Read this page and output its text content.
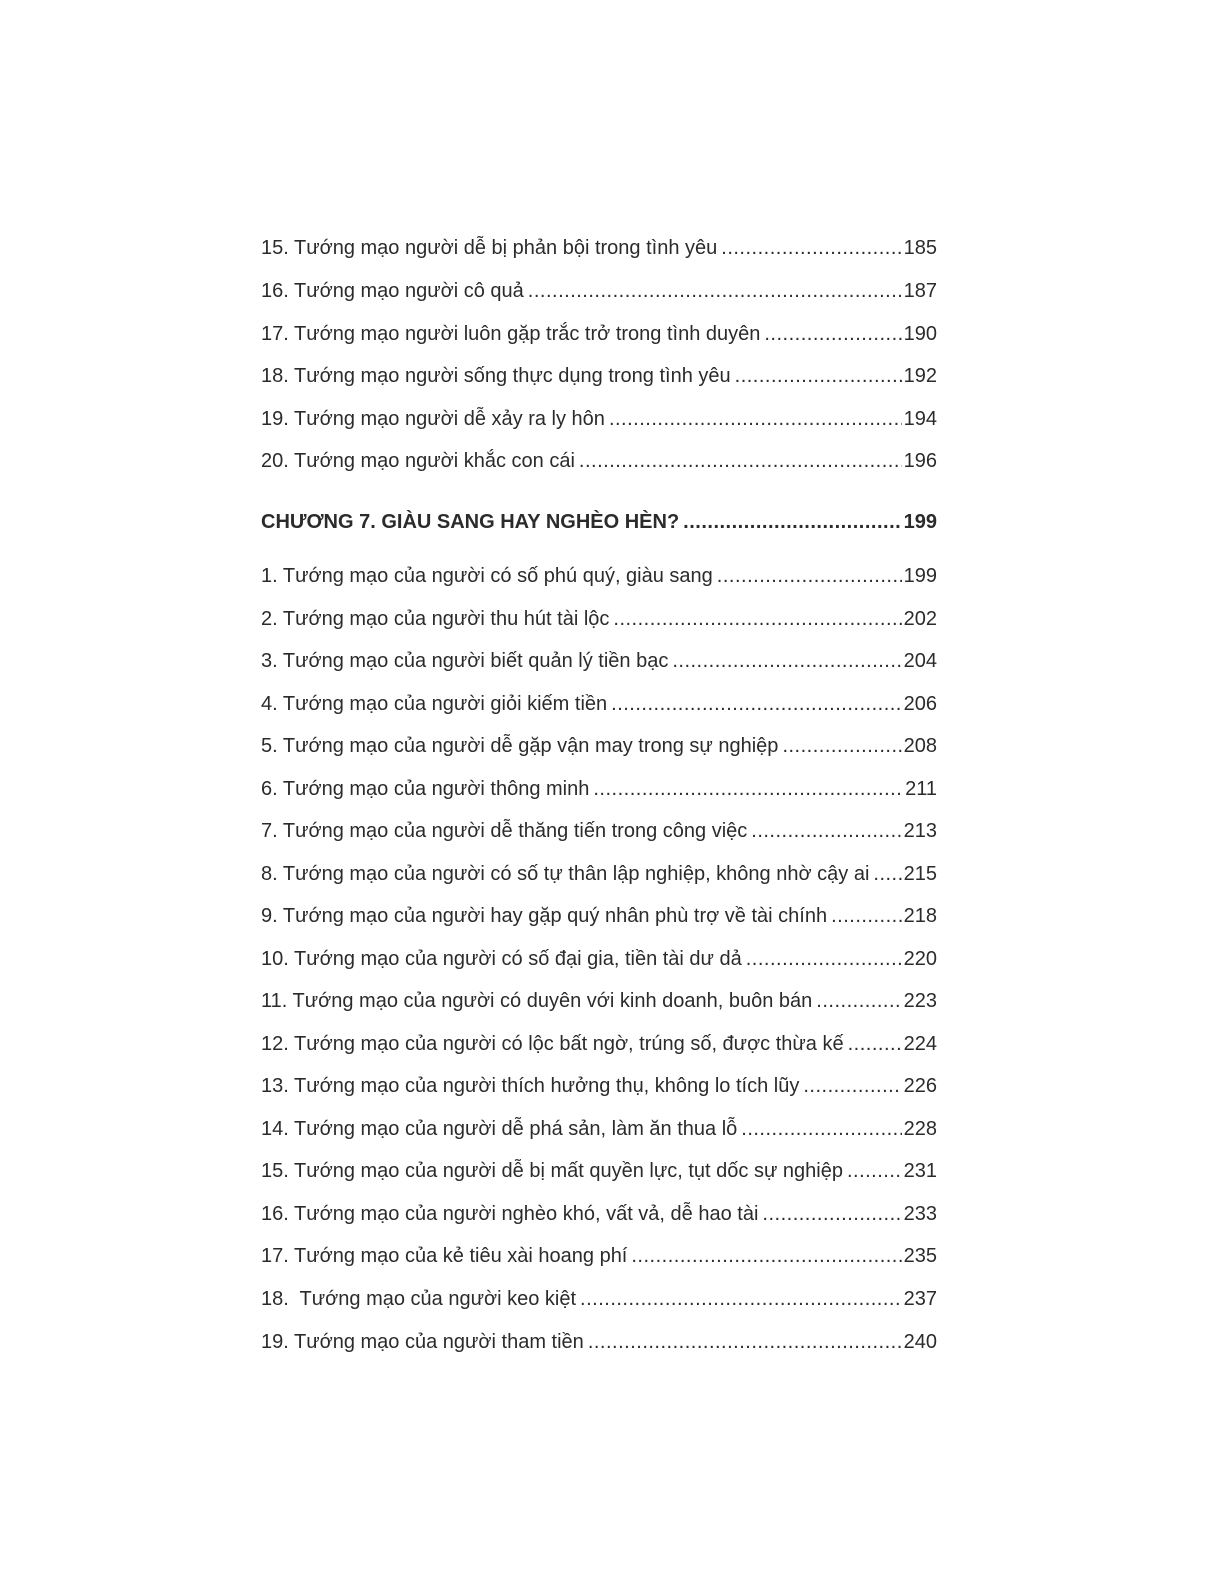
15. Tướng mạo người dễ bị phản bội trong tình yêu .....	185
16. Tướng mạo người cô quả .....	187
17. Tướng mạo người luôn gặp trắc trở trong tình duyên .....	190
18. Tướng mạo người sống thực dụng trong tình yêu .....	192
19. Tướng mạo người dễ xảy ra ly hôn .....	194
20. Tướng mạo người khắc con cái .....	196
CHƯƠNG 7. GIÀU SANG HAY NGHÈO HÈN? .....	199
1. Tướng mạo của người có số phú quý, giàu sang .....	199
2. Tướng mạo của người thu hút tài lộc .....	202
3. Tướng mạo của người biết quản lý tiền bạc .....	204
4. Tướng mạo của người giỏi kiếm tiền .....	206
5. Tướng mạo của người dễ gặp vận may trong sự nghiệp .....	208
6. Tướng mạo của người thông minh .....	211
7. Tướng mạo của người dễ thăng tiến trong công việc .....	213
8. Tướng mạo của người có số tự thân lập nghiệp, không nhờ cậy ai ..... 215
9. Tướng mạo của người hay gặp quý nhân phù trợ về tài chính .....	218
10. Tướng mạo của người có số đại gia, tiền tài dư dả .....	220
11. Tướng mạo của người có duyên với kinh doanh, buôn bán .....	223
12. Tướng mạo của người có lộc bất ngờ, trúng số, được thừa kế .....	224
13. Tướng mạo của người thích hưởng thụ, không lo tích lũy .....	226
14. Tướng mạo của người dễ phá sản, làm ăn thua lỗ .....	228
15. Tướng mạo của người dễ bị mất quyền lực, tụt dốc sự nghiệp .....	231
16. Tướng mạo của người nghèo khó, vất vả, dễ hao tài .....	233
17. Tướng mạo của kẻ tiêu xài hoang phí .....	235
18.  Tướng mạo của người keo kiệt .....	237
19. Tướng mạo của người tham tiền .....	240
